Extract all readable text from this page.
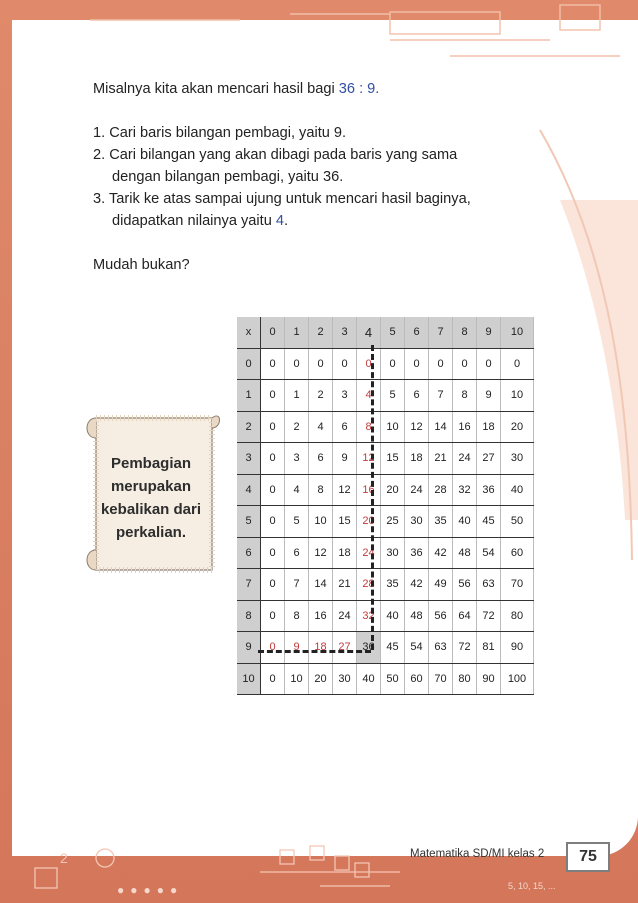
Misalnya kita akan mencari hasil bagi 36 : 9.

1. Cari baris bilangan pembagi, yaitu 9.

2. Cari bilangan yang akan dibagi pada baris yang sama

dengan bilangan pembagi, yaitu 36.

3. Tarik ke atas sampai ujung untuk mencari hasil baginya,

didapatkan nilainya yaitu 4.

Mudah bukan?

Pembagian
merupakan
kebalikan dari
perkalian.
x	0	1	2	3	4	5	6	7	8	9	10
0	0	0	0	0	0	0	0	0	0	0	0
1	0	1	2	3	4	5	6	7	8	9	10
2	0	2	4	6	8	10	12	14	16	18	20
3	0	3	6	9	12	15	18	21	24	27	30
4	0	4	8	12	16	20	24	28	32	36	40
5	0	5	10	15	20	25	30	35	40	45	50
6	0	6	12	18	24	30	36	42	48	54	60
7	0	7	14	21	28	35	42	49	56	63	70
8	0	8	16	24	32	40	48	56	64	72	80
9	0	9	18	27	36	45	54	63	72	81	90
10	0	10	20	30	40	50	60	70	80	90	100
2	Matematika SD/MI kelas 2	75
●●●●●	5, 10, 15, ...
